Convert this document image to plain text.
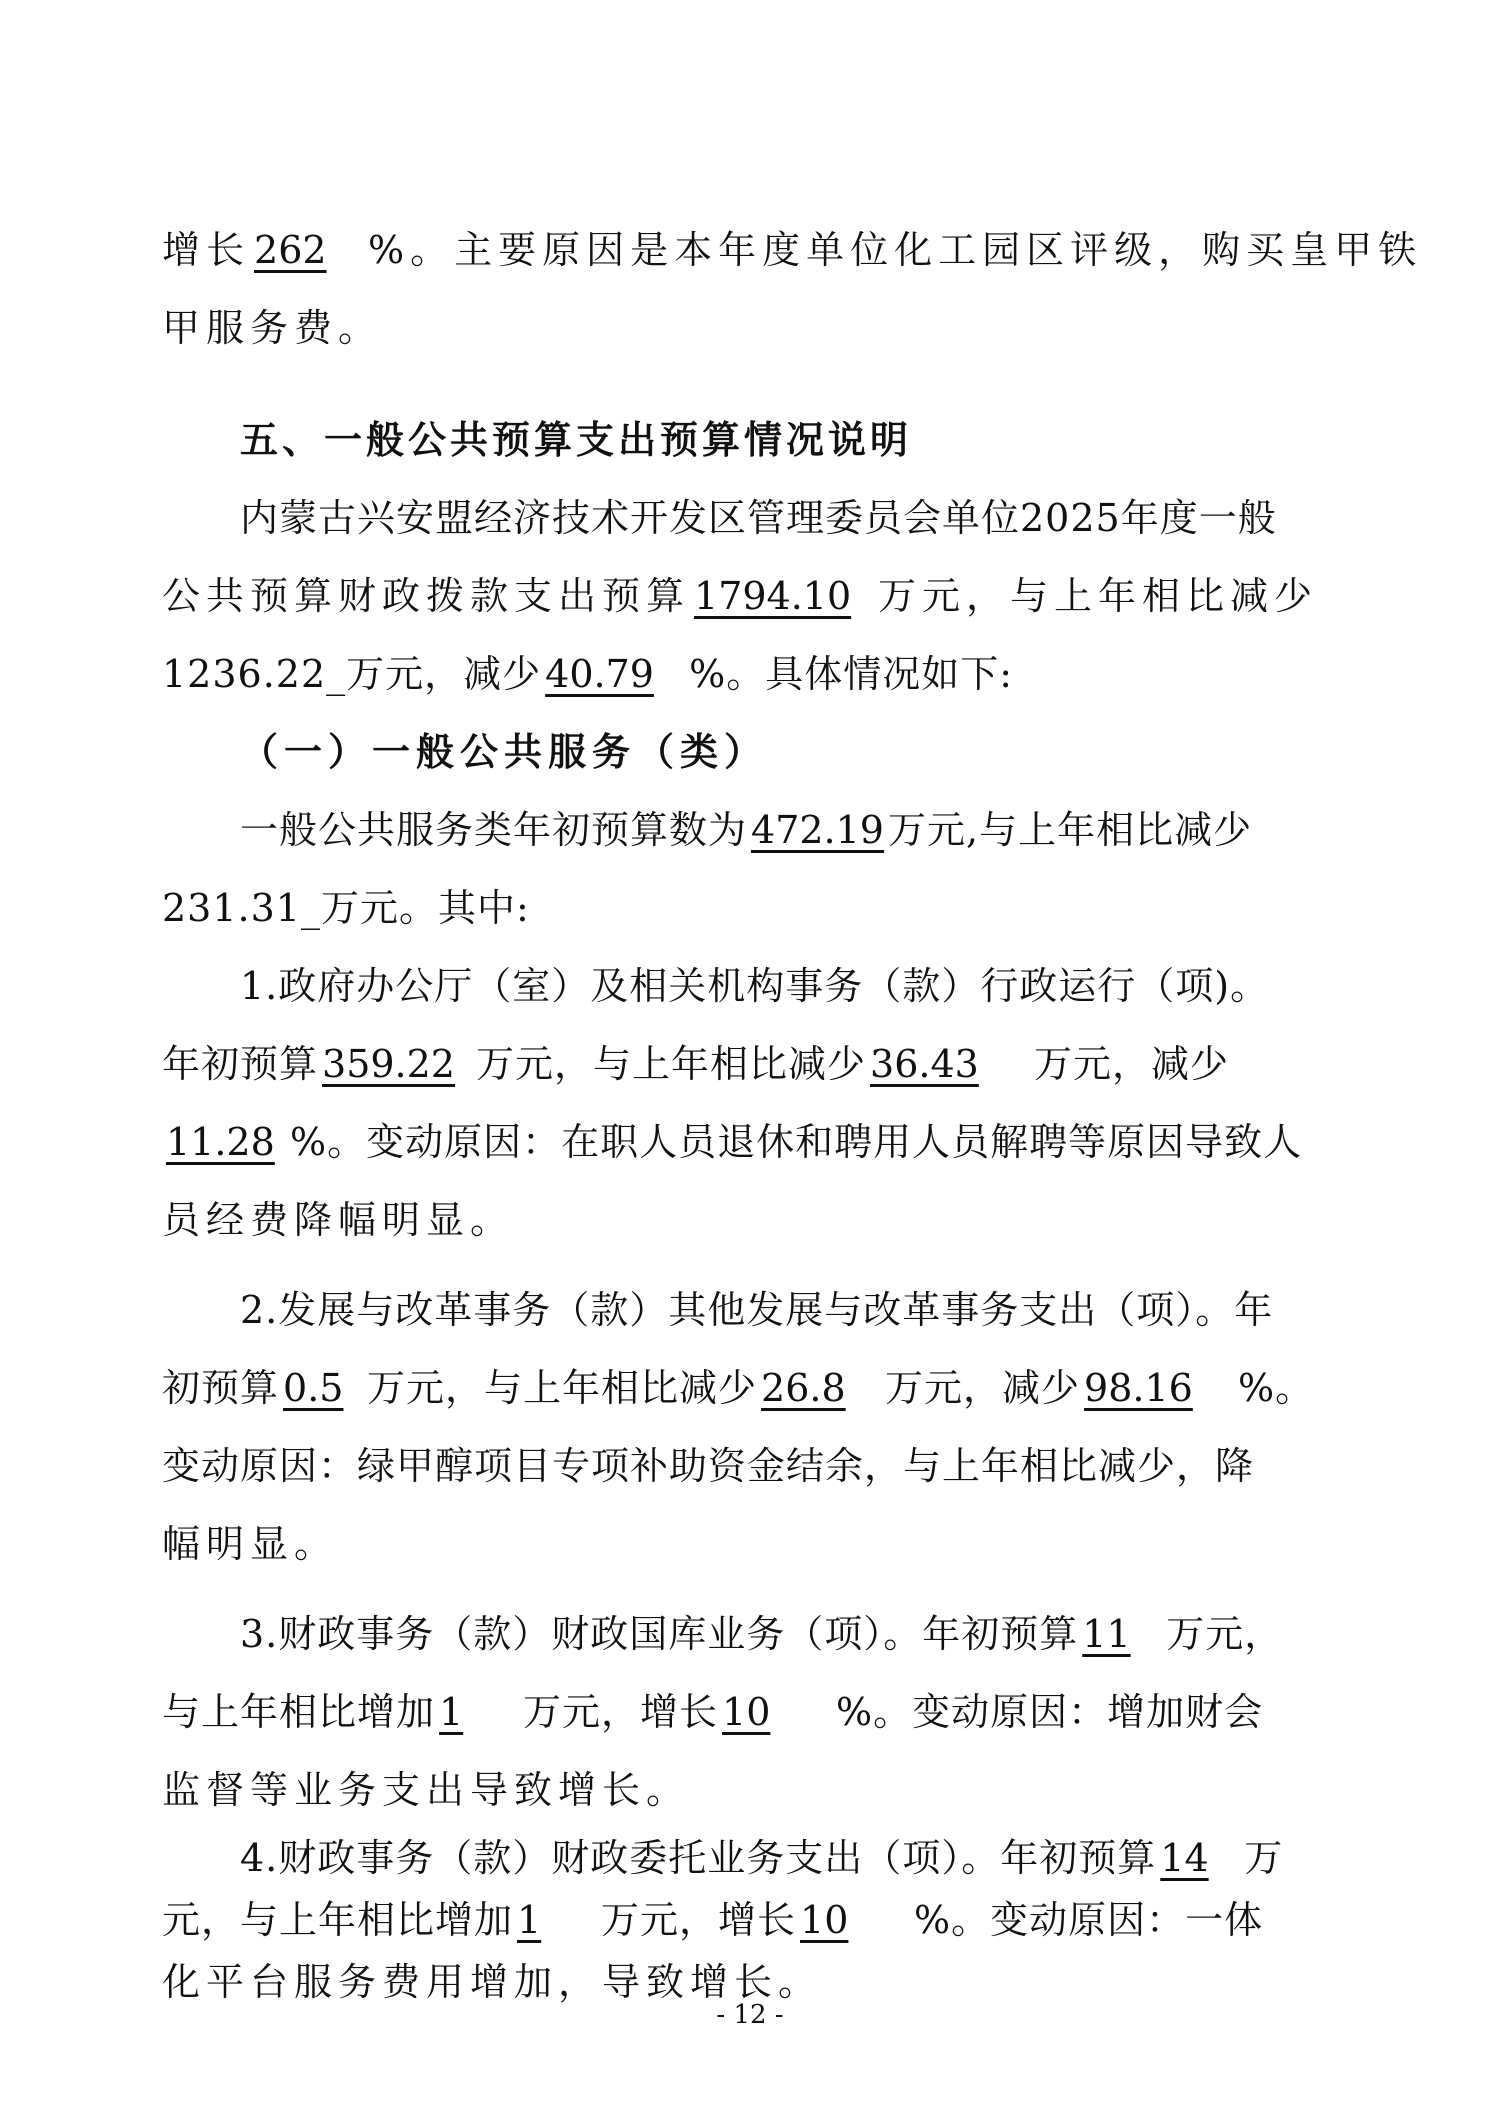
增长 262 %。主要原因是本年度单位化工园区评级，购买皇甲铁
甲服务费。
五、一般公共预算支出预算情况说明
内蒙古兴安盟经济技术开发区管理委员会单位2025年度一般
公共预算财政拨款支出预算 1794.10 万元，与上年相比减少
1236.22_万元，减少 40.79 %。具体情况如下:
（一）一般公共服务（类）
一般公共服务类年初预算数为 472.19 万元,与上年相比减少
231.31_万元。其中:
1.政府办公厅（室）及相关机构事务（款）行政运行（项)。
年初预算 359.22 万元，与上年相比减少 36.43 万元，减少
11.28 %。变动原因：在职人员退休和聘用人员解聘等原因导致人
员经费降幅明显。
2.发展与改革事务（款）其他发展与改革事务支出（项）。年
初预算 0.5 万元，与上年相比减少 26.8 万元，减少 98.16 %。
变动原因：绿甲醇项目专项补助资金结余，与上年相比减少，降
幅明显。
3.财政事务（款）财政国库业务（项）。年初预算 11 万元，
与上年相比增加 1 万元，增长 10 %。变动原因：增加财会
监督等业务支出导致增长。
4.财政事务（款）财政委托业务支出（项）。年初预算 14 万
元，与上年相比增加 1 万元，增长 10 %。变动原因：一体
化平台服务费用增加，导致增长。
- 12 -
